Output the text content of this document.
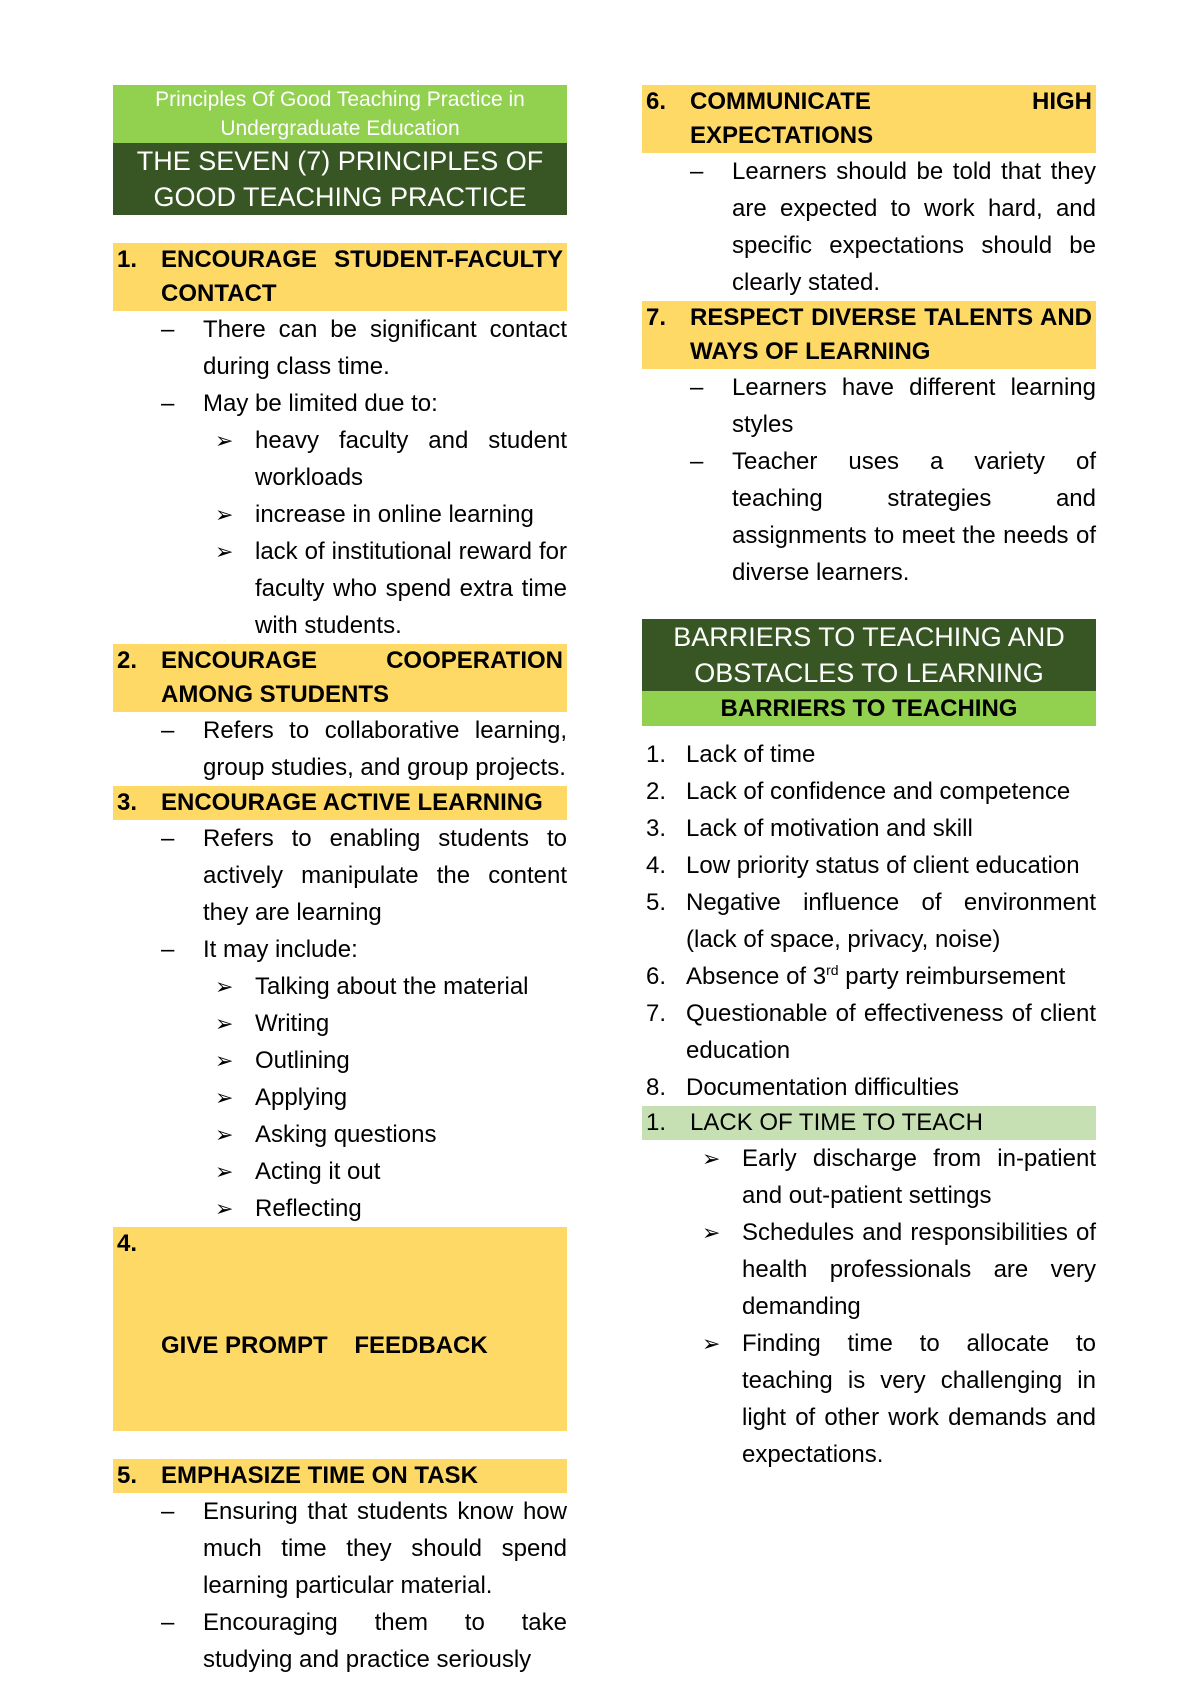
Principles Of Good Teaching Practice in Undergraduate Education
THE SEVEN (7) PRINCIPLES OF GOOD TEACHING PRACTICE
1. ENCOURAGE STUDENT-FACULTY CONTACT
– There can be significant contact during class time.
– May be limited due to:
➢ heavy faculty and student workloads
➢ increase in online learning
➢ lack of institutional reward for faculty who spend extra time with students.
2. ENCOURAGE COOPERATION AMONG STUDENTS
– Refers to collaborative learning, group studies, and group projects.
3. ENCOURAGE ACTIVE LEARNING
– Refers to enabling students to actively manipulate the content they are learning
– It may include:
➢ Talking about the material
➢ Writing
➢ Outlining
➢ Applying
➢ Asking questions
➢ Acting it out
➢ Reflecting

4.

GIVE PROMPT    FEEDBACK

5. EMPHASIZE TIME ON TASK
– Ensuring that students know how much time they should spend learning particular material.
– Encouraging them to take studying and practice seriously
6. COMMUNICATE HIGH EXPECTATIONS
– Learners should be told that they are expected to work hard, and specific expectations should be clearly stated.
7. RESPECT DIVERSE TALENTS AND WAYS OF LEARNING
– Learners have different learning styles
– Teacher uses a variety of teaching strategies and assignments to meet the needs of diverse learners.
BARRIERS TO TEACHING AND OBSTACLES TO LEARNING
BARRIERS TO TEACHING
1. Lack of time
2. Lack of confidence and competence
3. Lack of motivation and skill
4. Low priority status of client education
5. Negative influence of environment (lack of space, privacy, noise)
6. Absence of 3rd party reimbursement
7. Questionable of effectiveness of client education
8. Documentation difficulties
1. LACK OF TIME TO TEACH
➢ Early discharge from in-patient and out-patient settings
➢ Schedules and responsibilities of health professionals are very demanding
➢ Finding time to allocate to teaching is very challenging in light of other work demands and expectations.
